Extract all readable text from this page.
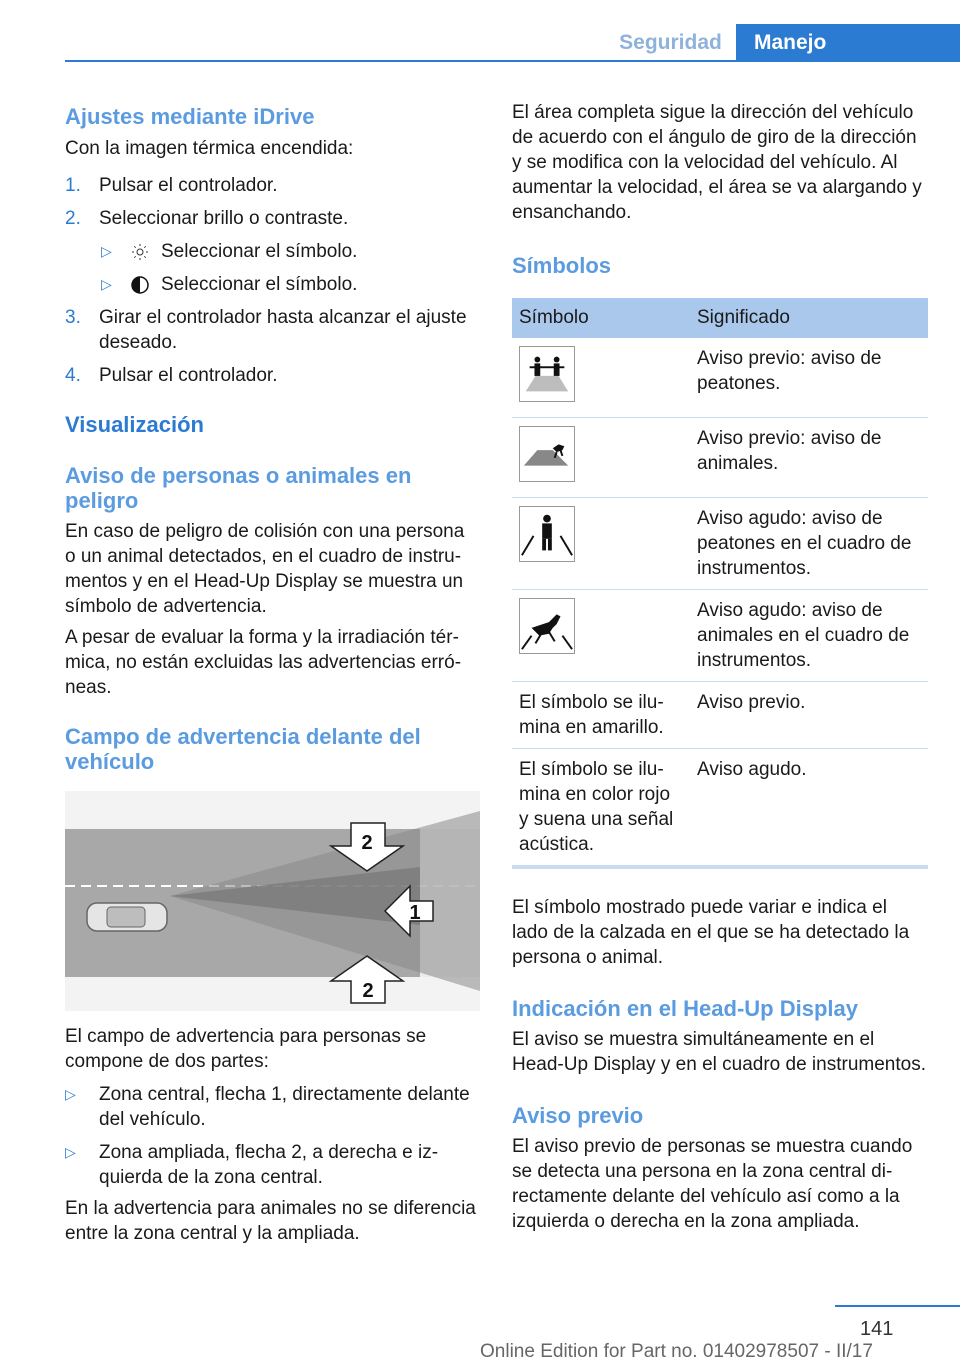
Seguridad	Manejo
Ajustes mediante iDrive

Con la imagen térmica encendida:

1. Pulsar el controlador.
2. Seleccionar brillo o contraste.
▷	Seleccionar el símbolo.
▷	Seleccionar el símbolo.
3. Girar el controlador hasta alcanzar el ajuste deseado.
4. Pulsar el controlador.
Visualización
Aviso de personas o animales en peligro

En caso de peligro de colisión con una persona o un animal detectados, en el cuadro de instrumentos y en el Head-Up Display se muestra un símbolo de advertencia.

A pesar de evaluar la forma y la irradiación térmica, no están excluidas las advertencias erróneas.

Campo de advertencia delante del vehículo
2
1
2

El campo de advertencia para personas se compone de dos partes:

▷ Zona central, flecha 1, directamente delante del vehículo.
▷ Zona ampliada, flecha 2, a derecha e izquierda de la zona central.

En la advertencia para animales no se diferencia entre la zona central y la ampliada.

El área completa sigue la dirección del vehículo de acuerdo con el ángulo de giro de la dirección y se modifica con la velocidad del vehículo. Al aumentar la velocidad, el área se va alargando y ensanchando.

Símbolos
Símbolo	Significado
	Aviso previo: aviso de peatones.
	Aviso previo: aviso de animales.
	Aviso agudo: aviso de peatones en el cuadro de instrumentos.
	Aviso agudo: aviso de animales en el cuadro de instrumentos.
El símbolo se ilumina en amarillo.	Aviso previo.
El símbolo se ilumina en color rojo y suena una señal acústica.	Aviso agudo.

El símbolo mostrado puede variar e indica el lado de la calzada en el que se ha detectado la persona o animal.

Indicación en el Head-Up Display

El aviso se muestra simultáneamente en el Head-Up Display y en el cuadro de instrumentos.

Aviso previo

El aviso previo de personas se muestra cuando se detecta una persona en la zona central directamente delante del vehículo así como a la izquierda o derecha en la zona ampliada.

141
Online Edition for Part no. 01402978507 - II/17
